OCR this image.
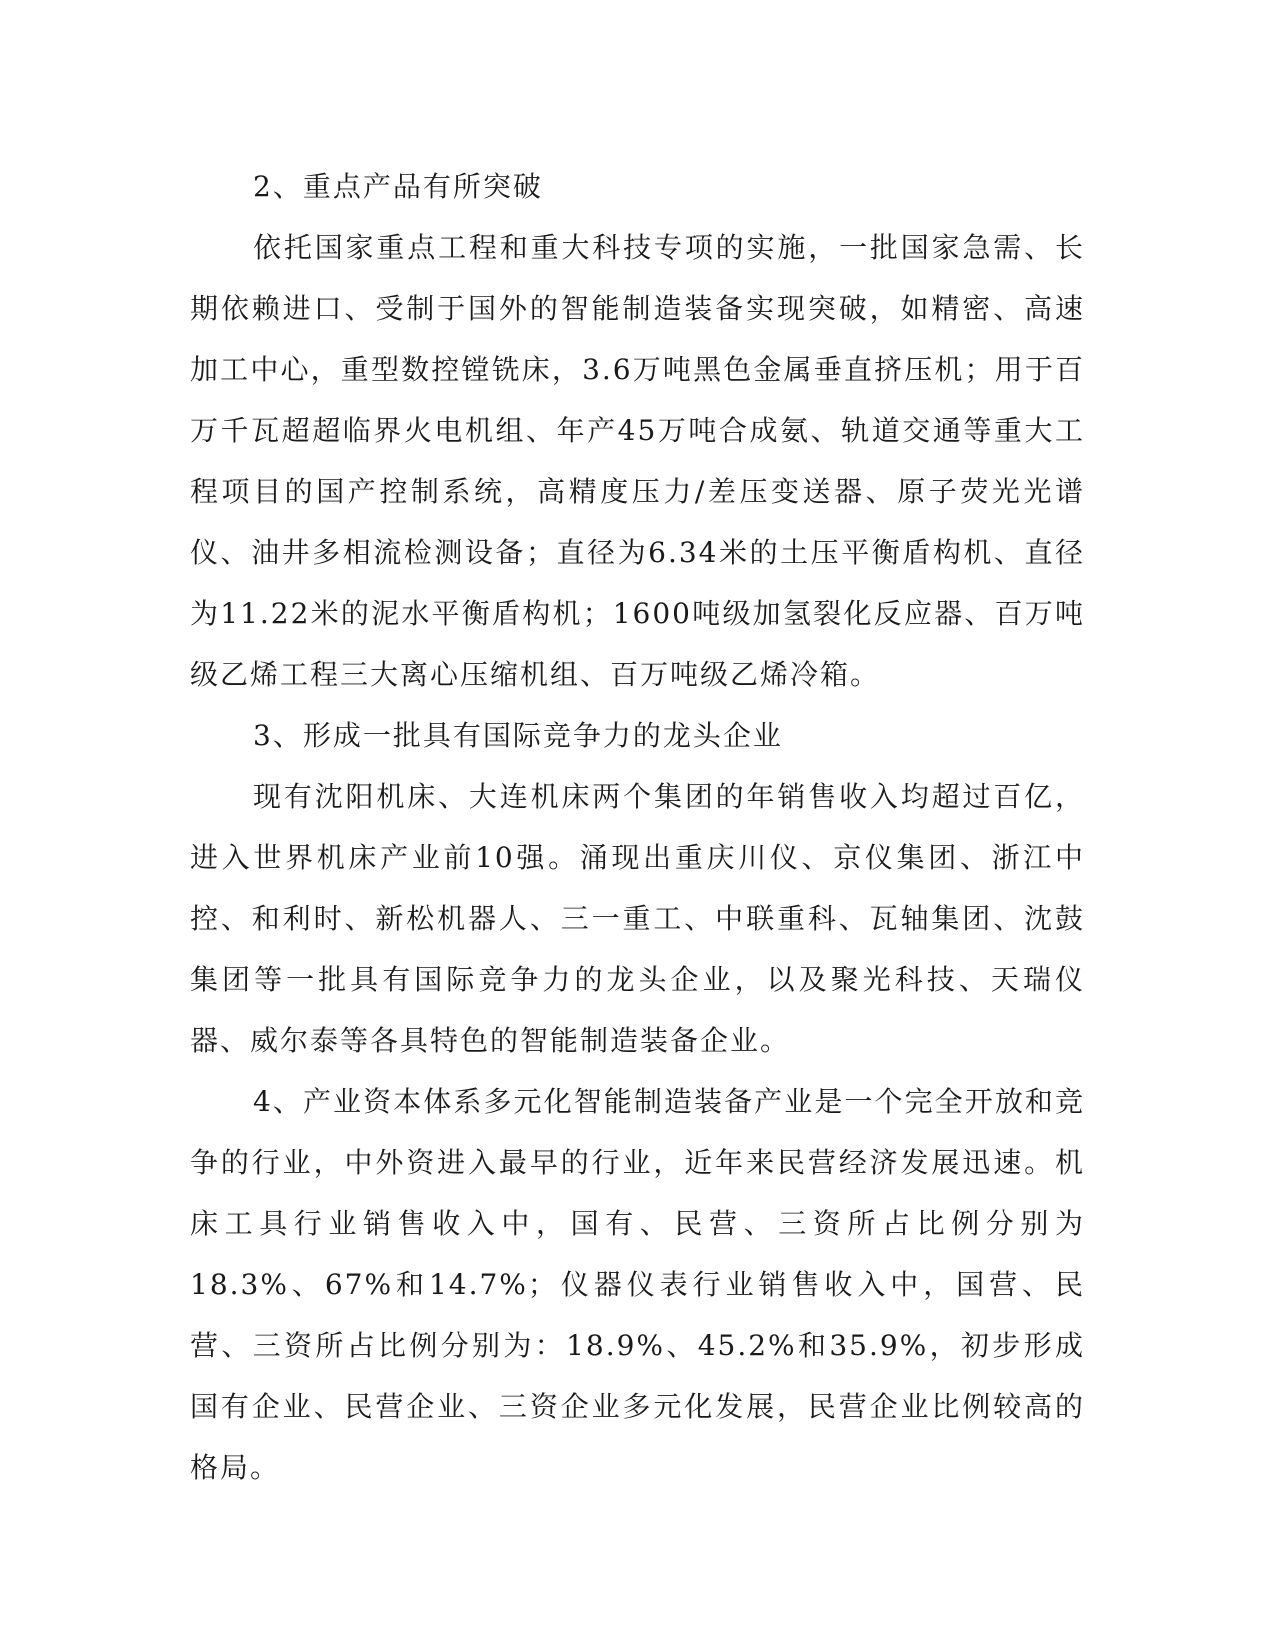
2、重点产品有所突破

依托国家重点工程和重大科技专项的实施，一批国家急需、长期依赖进口、受制于国外的智能制造装备实现突破，如精密、高速加工中心，重型数控镗铣床，3.6万吨黑色金属垂直挤压机；用于百万千瓦超超临界火电机组、年产45万吨合成氨、轨道交通等重大工程项目的国产控制系统，高精度压力/差压变送器、原子荧光光谱仪、油井多相流检测设备；直径为6.34米的土压平衡盾构机、直径为11.22米的泥水平衡盾构机；1600吨级加氢裂化反应器、百万吨级乙烯工程三大离心压缩机组、百万吨级乙烯冷箱。

3、形成一批具有国际竞争力的龙头企业

现有沈阳机床、大连机床两个集团的年销售收入均超过百亿，进入世界机床产业前10强。涌现出重庆川仪、京仪集团、浙江中控、和利时、新松机器人、三一重工、中联重科、瓦轴集团、沈鼓集团等一批具有国际竞争力的龙头企业，以及聚光科技、天瑞仪器、威尔泰等各具特色的智能制造装备企业。

4、产业资本体系多元化智能制造装备产业是一个完全开放和竞争的行业，中外资进入最早的行业，近年来民营经济发展迅速。机床工具行业销售收入中，国有、民营、三资所占比例分别为18.3%、67%和14.7%；仪器仪表行业销售收入中，国营、民营、三资所占比例分别为：18.9%、45.2%和35.9%，初步形成国有企业、民营企业、三资企业多元化发展，民营企业比例较高的格局。
